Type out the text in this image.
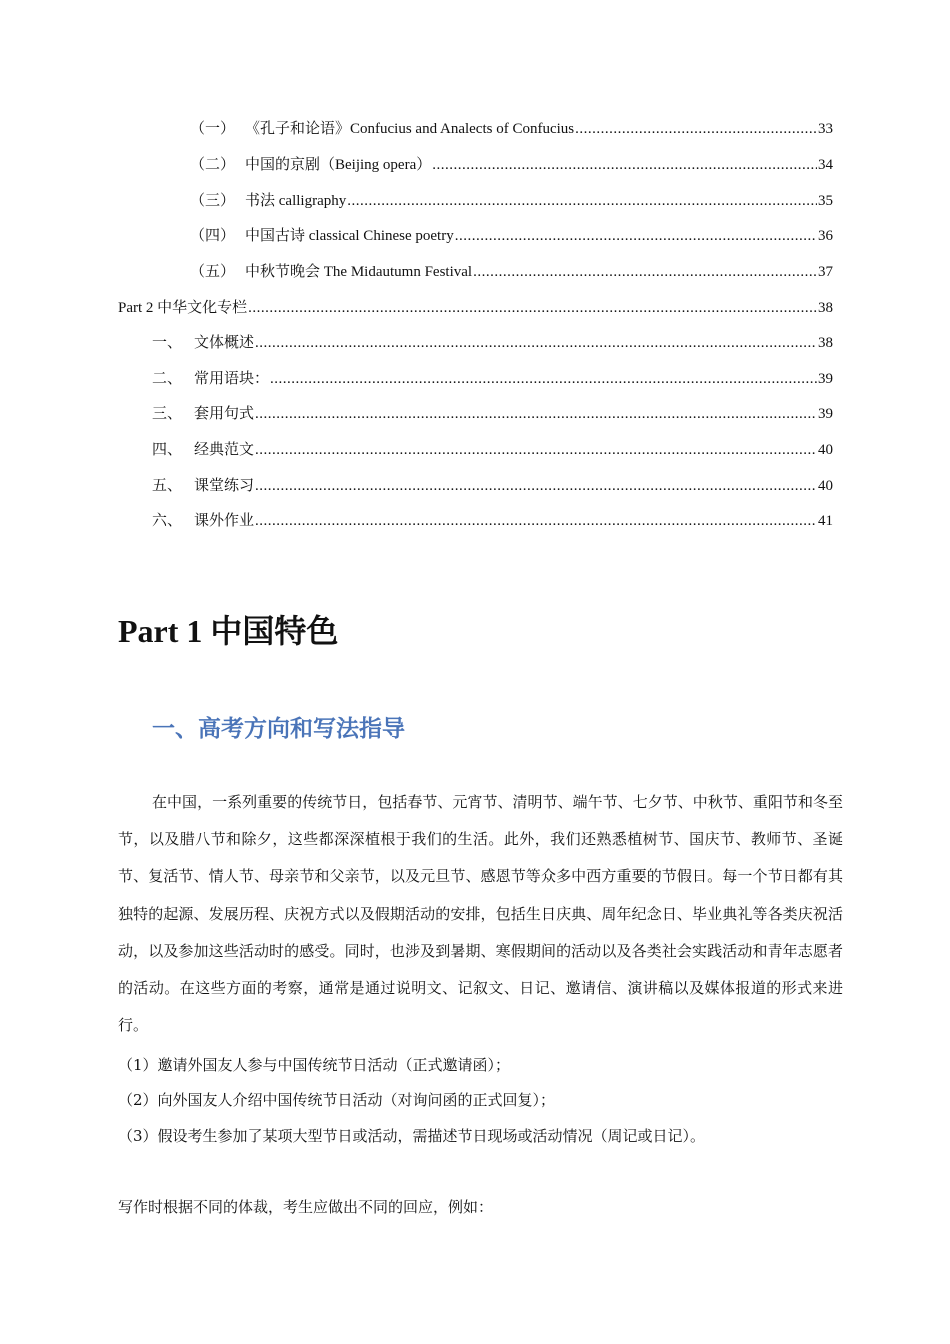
（一） 《孔子和论语》Confucius and Analects of Confucius .....	33
（二） 中国的京剧（Beijing opera） .....	34
（三） 书法 calligraphy .....	35
（四） 中国古诗 classical Chinese poetry .....	36
（五） 中秋节晚会 The Midautumn Festival .....	37
Part 2 中华文化专栏 .....	38
一、 文体概述 .....	38
二、 常用语块： .....	39
三、 套用句式 .....	39
四、 经典范文 .....	40
五、 课堂练习 .....	40
六、 课外作业 .....	41
Part 1 中国特色
一、高考方向和写法指导

在中国，一系列重要的传统节日，包括春节、元宵节、清明节、端午节、七夕节、中秋节、重阳节和冬至节，以及腊八节和除夕，这些都深深植根于我们的生活。此外，我们还熟悉植树节、国庆节、教师节、圣诞节、复活节、情人节、母亲节和父亲节，以及元旦节、感恩节等众多中西方重要的节假日。每一个节日都有其独特的起源、发展历程、庆祝方式以及假期活动的安排，包括生日庆典、周年纪念日、毕业典礼等各类庆祝活动，以及参加这些活动时的感受。同时，也涉及到暑期、寒假期间的活动以及各类社会实践活动和青年志愿者的活动。在这些方面的考察，通常是通过说明文、记叙文、日记、邀请信、演讲稿以及媒体报道的形式来进行。

（1）邀请外国友人参与中国传统节日活动（正式邀请函）；

（2）向外国友人介绍中国传统节日活动（对询问函的正式回复）；

（3）假设考生参加了某项大型节日或活动，需描述节日现场或活动情况（周记或日记）。

写作时根据不同的体裁，考生应做出不同的回应，例如：
